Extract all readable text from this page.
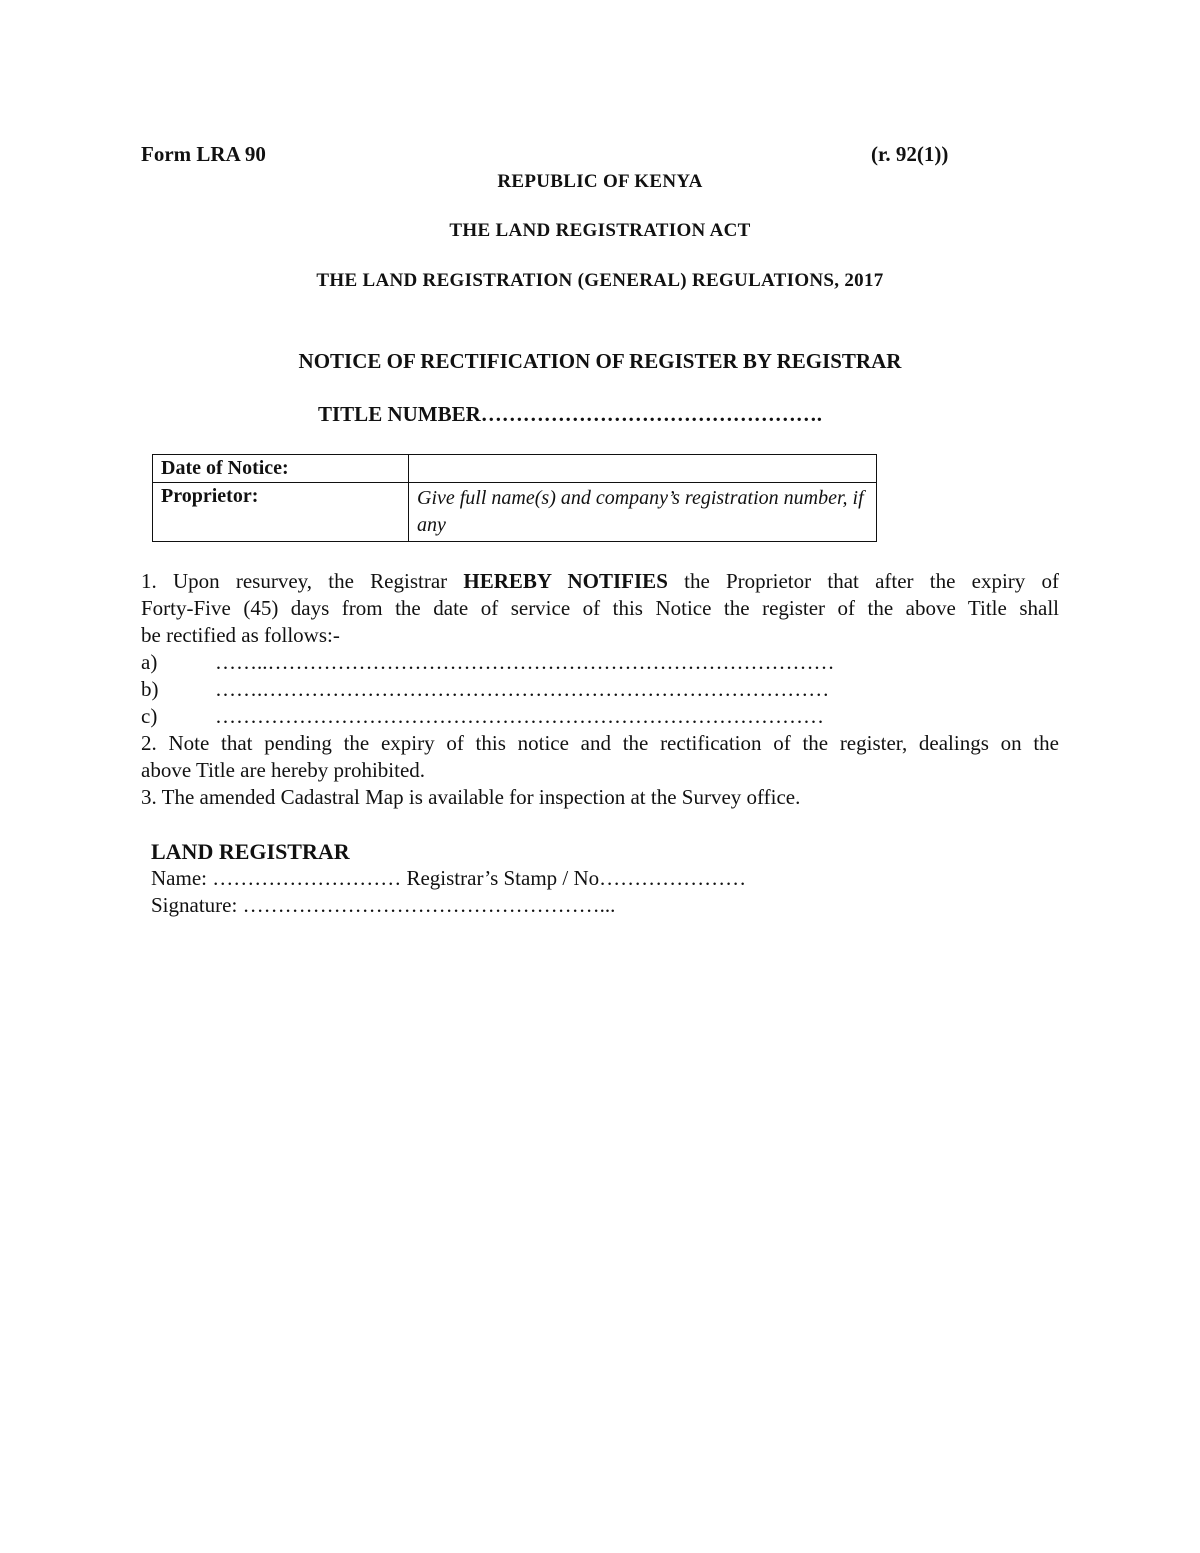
Form LRA 90	(r. 92(1))
REPUBLIC OF KENYA
THE LAND REGISTRATION ACT
THE LAND REGISTRATION (GENERAL) REGULATIONS, 2017
NOTICE OF RECTIFICATION OF REGISTER BY REGISTRAR
TITLE NUMBER………………………………………….
Date of Notice:	
Proprietor:	Give full name(s) and company’s registration number, if any
1. Upon resurvey, the Registrar HEREBY NOTIFIES the Proprietor that after the expiry of
Forty-Five (45) days from the date of service of this Notice the register of the above Title shall
be rectified as follows:-
a)	……..………………………………………………………………………
b)	…….………………………………………………………………………
c)	……………………………………………………………………………
2. Note that pending the expiry of this notice and the rectification of the register, dealings on the
above Title are hereby prohibited.
3. The amended Cadastral Map is available for inspection at the Survey office.
LAND REGISTRAR
Name: ……………………… Registrar’s Stamp / No…………………
Signature: ……………………………………………...
